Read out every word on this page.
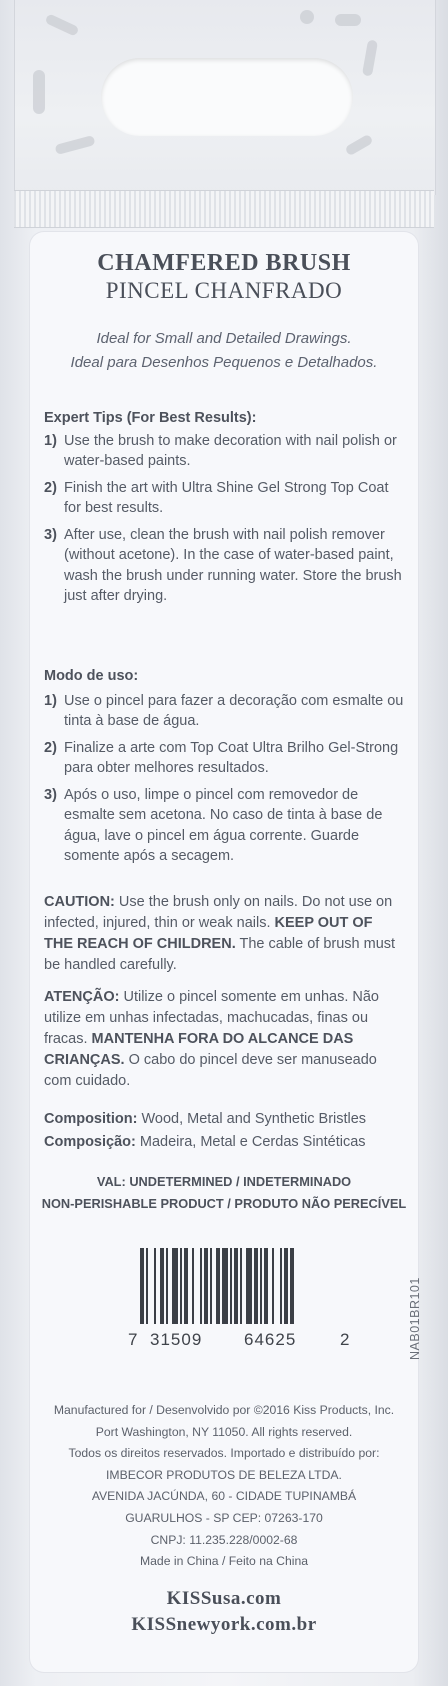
CHAMFERED BRUSH
PINCEL CHANFRADO
Ideal for Small and Detailed Drawings.
Ideal para Desenhos Pequenos e Detalhados.
Expert Tips (For Best Results):
1) Use the brush to make decoration with nail polish or water-based paints.
2) Finish the art with Ultra Shine Gel Strong Top Coat for best results.
3) After use, clean the brush with nail polish remover (without acetone). In the case of water-based paint, wash the brush under running water. Store the brush just after drying.
Modo de uso:
1) Use o pincel para fazer a decoração com esmalte ou tinta à base de água.
2) Finalize a arte com Top Coat Ultra Brilho Gel-Strong para obter melhores resultados.
3) Após o uso, limpe o pincel com removedor de esmalte sem acetona. No caso de tinta à base de água, lave o pincel em água corrente. Guarde somente após a secagem.
CAUTION: Use the brush only on nails. Do not use on infected, injured, thin or weak nails. KEEP OUT OF THE REACH OF CHILDREN. The cable of brush must be handled carefully.
ATENÇÃO: Utilize o pincel somente em unhas. Não utilize em unhas infectadas, machucadas, finas ou fracas. MANTENHA FORA DO ALCANCE DAS CRIANÇAS. O cabo do pincel deve ser manuseado com cuidado.
Composition: Wood, Metal and Synthetic Bristles
Composição: Madeira, Metal e Cerdas Sintéticas
VAL: UNDETERMINED / INDETERMINADO
NON-PERISHABLE PRODUCT / PRODUTO NÃO PERECÍVEL
7 31509 64625	2	NAB01BR101
Manufactured for / Desenvolvido por ©2016 Kiss Products, Inc.
Port Washington, NY 11050. All rights reserved.
Todos os direitos reservados. Importado e distribuído por:
IMBECOR PRODUTOS DE BELEZA LTDA.
AVENIDA JACÚNDA, 60 - CIDADE TUPINAMBÁ
GUARULHOS - SP CEP: 07263-170
CNPJ: 11.235.228/0002-68
Made in China / Feito na China
KISSusa.com
KISSnewyork.com.br
